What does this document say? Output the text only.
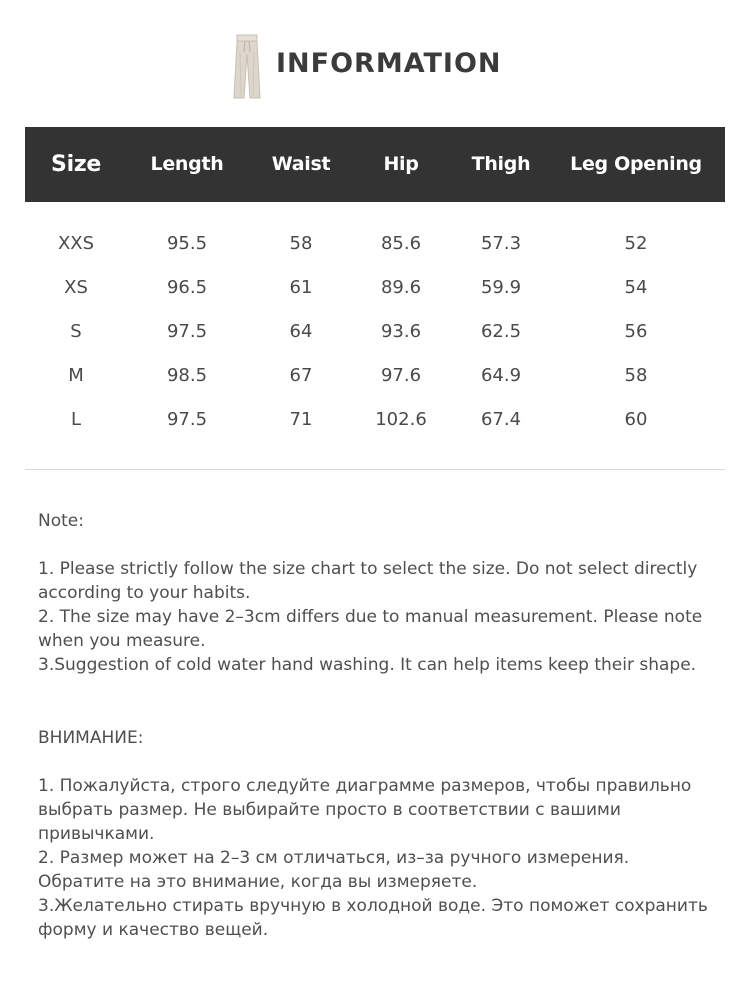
INFORMATION
Size	Length	Waist	Hip	Thigh	Leg Opening
XXS	95.5	58	85.6	57.3	52
XS	96.5	61	89.6	59.9	54
S	97.5	64	93.6	62.5	56
M	98.5	67	97.6	64.9	58
L	97.5	71	102.6	67.4	60

Note:

1. Please strictly follow the size chart to select the size. Do not select directly according to your habits.

2. The size may have 2–3cm differs due to manual measurement. Please note when you measure.

3.Suggestion of cold water hand washing. It can help items keep their shape.

ВНИМАНИЕ:

1. Пожалуйста, строго следуйте диаграмме размеров, чтобы правильно выбрать размер. Не выбирайте просто в соответствии с вашими привычками.

2. Размер может на 2–3 см отличаться, из–за ручного измерения. Обратите на это внимание, когда вы измеряете.

3.Желательно стирать вручную в холодной воде. Это поможет сохранить форму и качество вещей.
